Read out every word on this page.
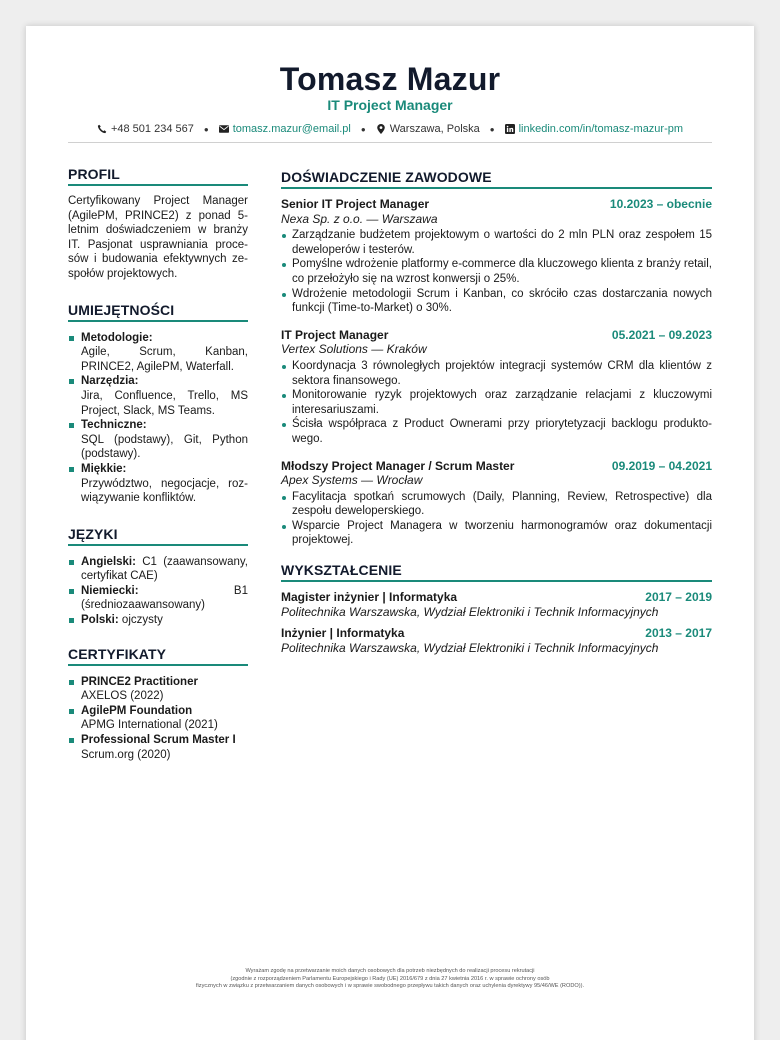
Tomasz Mazur
IT Project Manager
+48 501 234 567 ● tomasz.mazur@email.pl ● Warszawa, Polska ● linkedin.com/in/tomasz-mazur-pm
PROFIL

Certyfikowany Project Manager (AgilePM, PRINCE2) z ponad 5-letnim doświadczeniem w branży IT. Pasjonat usprawniania procesów i budowania efektywnych zespołów projektowych.

UMIEJĘTNOŚCI
Metodologie:
Agile, Scrum, Kanban, PRINCE2, AgilePM, Waterfall.
Narzędzia:
Jira, Confluence, Trello, MS Project, Slack, MS Teams.
Techniczne:
SQL (podstawy), Git, Python (podstawy).
Miękkie:
Przywództwo, negocjacje, rozwiązywanie konfliktów.
JĘZYKI
Angielski: C1 (zaawansowany, certyfikat CAE)
Niemiecki:	B1 (średniozaawansowany)
Polski: ojczysty
CERTYFIKATY
PRINCE2 Practitioner
AXELOS (2022)
AgilePM Foundation
APMG International (2021)
Professional Scrum Master I
Scrum.org (2020)
DOŚWIADCZENIE ZAWODOWE
Senior IT Project Manager	10.2023 – obecnie
Nexa Sp. z o.o. — Warszawa
Zarządzanie budżetem projektowym o wartości do 2 mln PLN oraz zespołem 15 deweloperów i testerów.
Pomyślne wdrożenie platformy e-commerce dla kluczowego klienta z branży retail, co przełożyło się na wzrost konwersji o 25%.
Wdrożenie metodologii Scrum i Kanban, co skróciło czas dostarczania nowych funkcji (Time-to-Market) o 30%.
IT Project Manager	05.2021 – 09.2023
Vertex Solutions — Kraków
Koordynacja 3 równoległych projektów integracji systemów CRM dla klientów z sektora finansowego.
Monitorowanie ryzyk projektowych oraz zarządzanie relacjami z kluczowymi interesariuszami.
Ścisła współpraca z Product Ownerami przy priorytetyzacji backlogu produktowego.
Młodszy Project Manager / Scrum Master	09.2019 – 04.2021
Apex Systems — Wrocław
Facylitacja spotkań scrumowych (Daily, Planning, Review, Retrospective) dla zespołu deweloperskiego.
Wsparcie Project Managera w tworzeniu harmonogramów oraz dokumentacji projektowej.
WYKSZTAŁCENIE
Magister inżynier | Informatyka	2017 – 2019
Politechnika Warszawska, Wydział Elektroniki i Technik Informacyjnych
Inżynier | Informatyka	2013 – 2017
Politechnika Warszawska, Wydział Elektroniki i Technik Informacyjnych
Wyrażam zgodę na przetwarzanie moich danych osobowych dla potrzeb niezbędnych do realizacji procesu rekrutacji
(zgodnie z rozporządzeniem Parlamentu Europejskiego i Rady (UE) 2016/679 z dnia 27 kwietnia 2016 r. w sprawie ochrony osób
fizycznych w związku z przetwarzaniem danych osobowych i w sprawie swobodnego przepływu takich danych oraz uchylenia dyrektywy 95/46/WE (RODO)).
